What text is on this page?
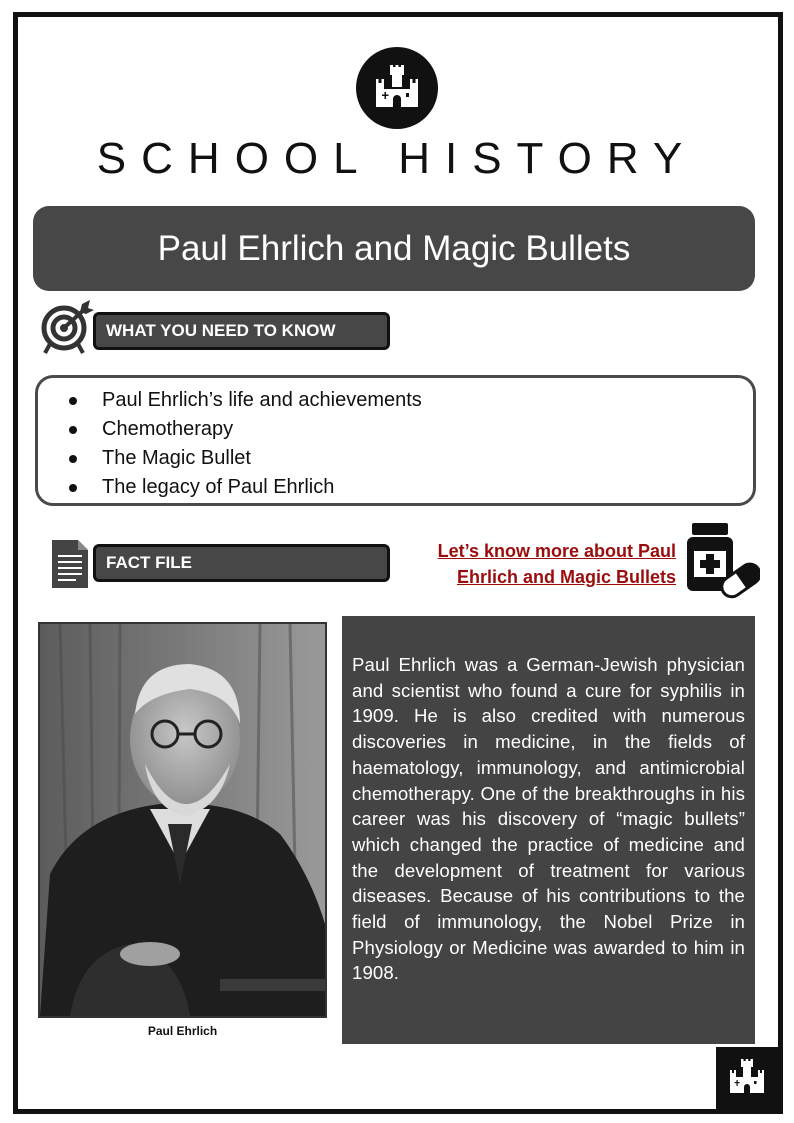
SCHOOL HISTORY
Paul Ehrlich and Magic Bullets
WHAT YOU NEED TO KNOW
Paul Ehrlich’s life and achievements
Chemotherapy
The Magic Bullet
The legacy of Paul Ehrlich
FACT FILE
Let’s know more about Paul Ehrlich and Magic Bullets
Paul Ehrlich

Paul Ehrlich was a German-Jewish physician and scientist who found a cure for syphilis in 1909. He is also credited with numerous discoveries in medicine, in the fields of haematology, immunology, and antimicrobial chemotherapy. One of the breakthroughs in his career was his discovery of “magic bullets” which changed the practice of medicine and the development of treatment for various diseases. Because of his contributions to the field of immunology, the Nobel Prize in Physiology or Medicine was awarded to him in 1908.
